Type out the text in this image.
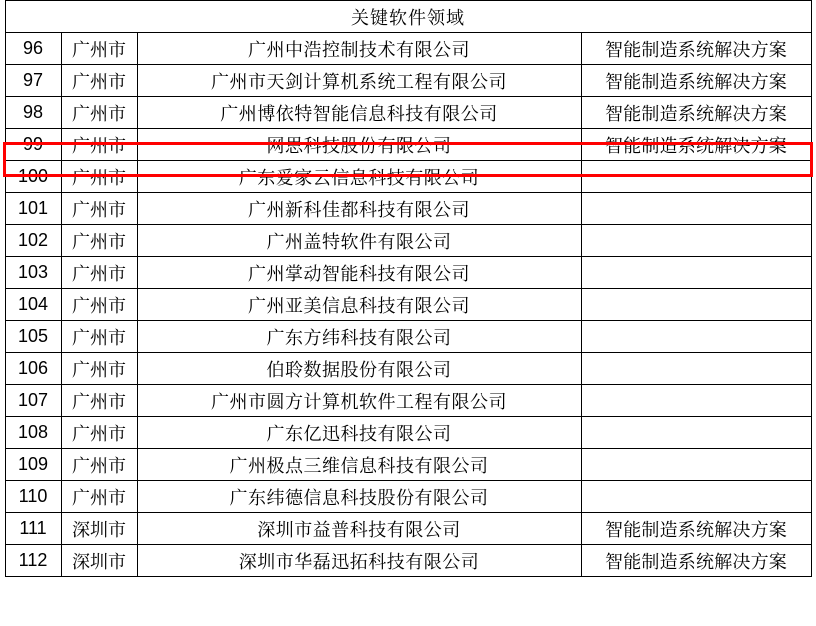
关键软件领域			
96	广州市	广州中浩控制技术有限公司	智能制造系统解决方案
97	广州市	广州市天剑计算机系统工程有限公司	智能制造系统解决方案
98	广州市	广州博依特智能信息科技有限公司	智能制造系统解决方案
99	广州市	网思科技股份有限公司	智能制造系统解决方案
100	广州市	广东爱家云信息科技有限公司	
101	广州市	广州新科佳都科技有限公司	
102	广州市	广州盖特软件有限公司	
103	广州市	广州掌动智能科技有限公司	
104	广州市	广州亚美信息科技有限公司	
105	广州市	广东方纬科技有限公司	
106	广州市	伯聆数据股份有限公司	
107	广州市	广州市圆方计算机软件工程有限公司	
108	广州市	广东亿迅科技有限公司	
109	广州市	广州极点三维信息科技有限公司	
110	广州市	广东纬德信息科技股份有限公司	
111	深圳市	深圳市益普科技有限公司	智能制造系统解决方案
112	深圳市	深圳市华磊迅拓科技有限公司	智能制造系统解决方案
